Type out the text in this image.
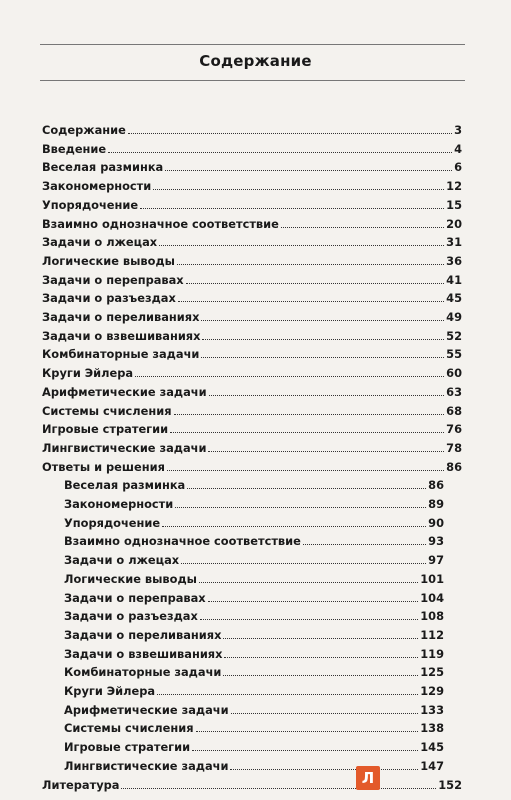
Содержание
Содержание	3
Введение	4
Веселая разминка	6
Закономерности	12
Упорядочение	15
Взаимно однозначное соответствие	20
Задачи о лжецах	31
Логические выводы	36
Задачи о переправах	41
Задачи о разъездах	45
Задачи о переливаниях	49
Задачи о взвешиваниях	52
Комбинаторные задачи	55
Круги Эйлера	60
Арифметические задачи	63
Системы счисления	68
Игровые стратегии	76
Лингвистические задачи	78
Ответы и решения	86
Веселая разминка	86
Закономерности	89
Упорядочение	90
Взаимно однозначное соответствие	93
Задачи о лжецах	97
Логические выводы	101
Задачи о переправах	104
Задачи о разъездах	108
Задачи о переливаниях	112
Задачи о взвешиваниях	119
Комбинаторные задачи	125
Круги Эйлера	129
Арифметические задачи	133
Системы счисления	138
Игровые стратегии	145
Лингвистические задачи	147
Литература	152
Л
